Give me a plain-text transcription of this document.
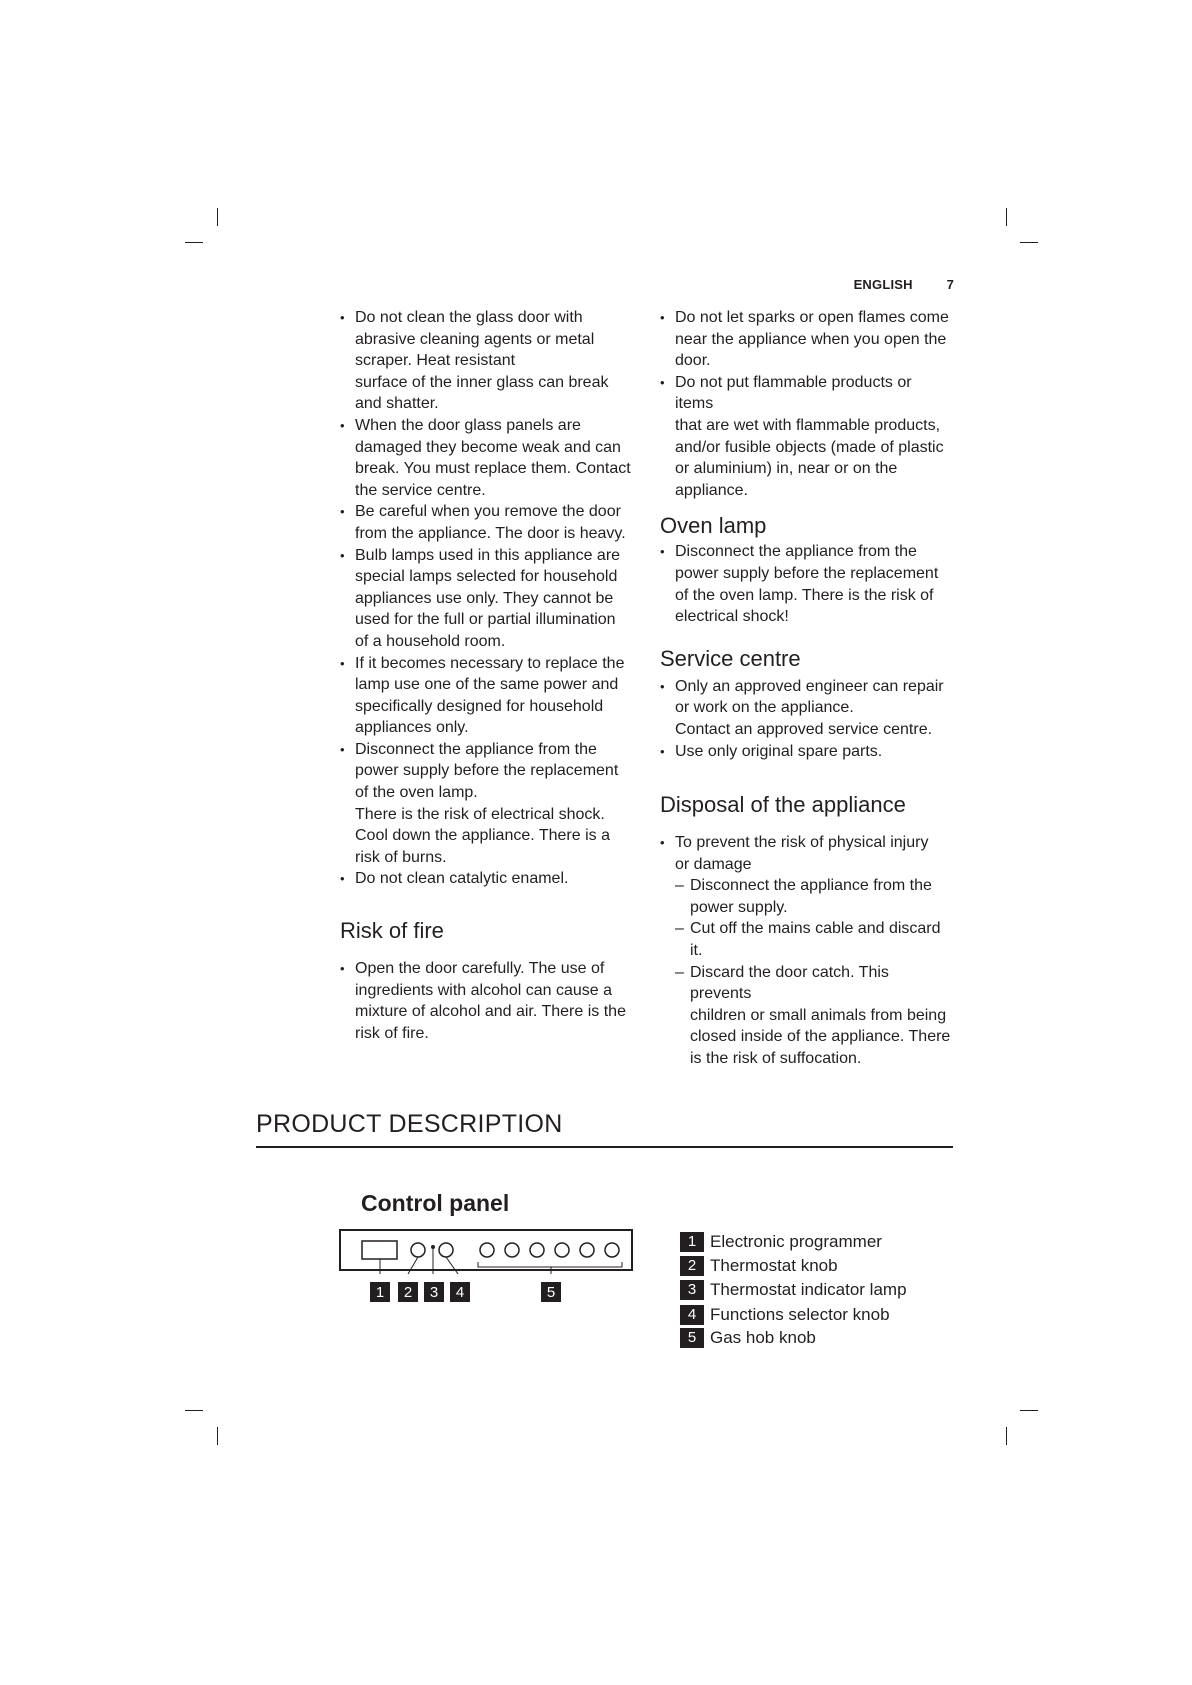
ENGLISH	7
• Do not clean the glass door with
abrasive cleaning agents or metal
scraper. Heat resistant
surface of the inner glass can break
and shatter.
• When the door glass panels are
damaged they become weak and can
break. You must replace them. Contact
the service centre.
• Be careful when you remove the door
from the appliance. The door is heavy.
• Bulb lamps used in this appliance are
special lamps selected for household
appliances use only. They cannot be
used for the full or partial illumination
of a household room.
• If it becomes necessary to replace the
lamp use one of the same power and
specifically designed for household
appliances only.
• Disconnect the appliance from the
power supply before the replacement
of the oven lamp.
There is the risk of electrical shock.
Cool down the appliance. There is a
risk of burns.
• Do not clean catalytic enamel.
Risk of fire
• Open the door carefully. The use of
ingredients with alcohol can cause a
mixture of alcohol and air. There is the
risk of fire.
• Do not let sparks or open flames come
near the appliance when you open the
door.
• Do not put flammable products or items
that are wet with flammable products,
and/or fusible objects (made of plastic
or aluminium) in, near or on the
appliance.
Oven lamp
• Disconnect the appliance from the
power supply before the replacement
of the oven lamp. There is the risk of
electrical shock!
Service centre
• Only an approved engineer can repair
or work on the appliance.
Contact an approved service centre.
• Use only original spare parts.
Disposal of the appliance
• To prevent the risk of physical injury
or damage
– Disconnect the appliance from the
power supply.
– Cut off the mains cable and discard
it.
– Discard the door catch. This prevents
children or small animals from being
closed inside of the appliance. There
is the risk of suffocation.
PRODUCT DESCRIPTION
Control panel
1 2 3 4	5
1 Electronic programmer
2 Thermostat knob
3 Thermostat indicator lamp
4 Functions selector knob
5 Gas hob knob
